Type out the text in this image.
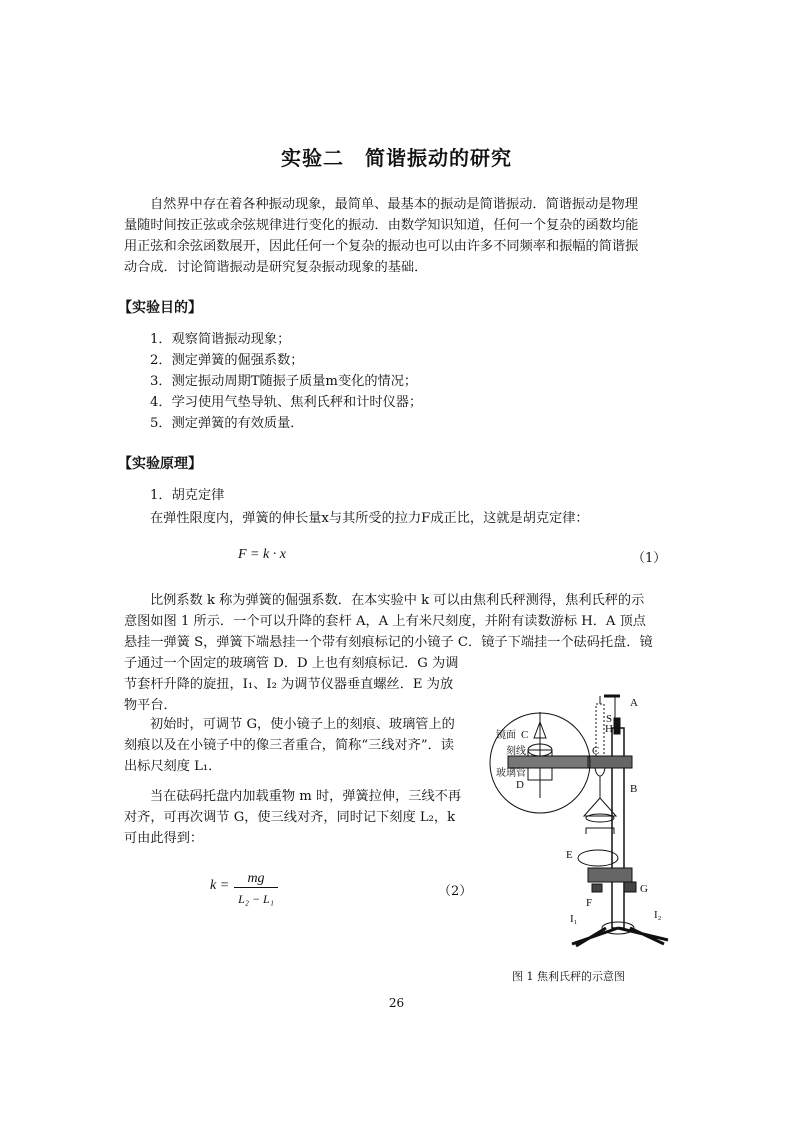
实验二　简谐振动的研究
自然界中存在着各种振动现象，最简单、最基本的振动是简谐振动．简谐振动是物理
量随时间按正弦或余弦规律进行变化的振动．由数学知识知道，任何一个复杂的函数均能
用正弦和余弦函数展开，因此任何一个复杂的振动也可以由许多不同频率和振幅的简谐振
动合成．讨论简谐振动是研究复杂振动现象的基础．
【实验目的】
1．观察简谐振动现象；
2．测定弹簧的倔强系数；
3．测定振动周期T随振子质量m变化的情况；
4．学习使用气垫导轨、焦利氏秤和计时仪器；
5．测定弹簧的有效质量．
【实验原理】
1．胡克定律
在弹性限度内，弹簧的伸长量x与其所受的拉力F成正比，这就是胡克定律：
F = k · x	（1）
比例系数 k 称为弹簧的倔强系数．在本实验中 k 可以由焦利氏秤测得，焦利氏秤的示
意图如图 1 所示．一个可以升降的套杆 A，A 上有米尺刻度，并附有读数游标 H．A 顶点
悬挂一弹簧 S，弹簧下端悬挂一个带有刻痕标记的小镜子 C．镜子下端挂一个砝码托盘．镜
子通过一个固定的玻璃管 D．D 上也有刻痕标记．G 为调
节套杆升降的旋扭，I₁、I₂ 为调节仪器垂直螺丝．E 为放
物平台．
初始时，可调节 G，使小镜子上的刻痕、玻璃管上的
刻痕以及在小镜子中的像三者重合，简称“三线对齐”．读
出标尺刻度 L₁．
当在砝码托盘内加载重物 m 时，弹簧拉伸，三线不再
对齐，可再次调节 G，使三线对齐，同时记下刻度 L₂，k
可由此得到：
k =	mg
L₂ − L₁	（2）
A
B
S
H
C
E
F
G
I₁	I₂
镜面 C
刻线
玻璃管
D
图 1 焦利氏秤的示意图
26
